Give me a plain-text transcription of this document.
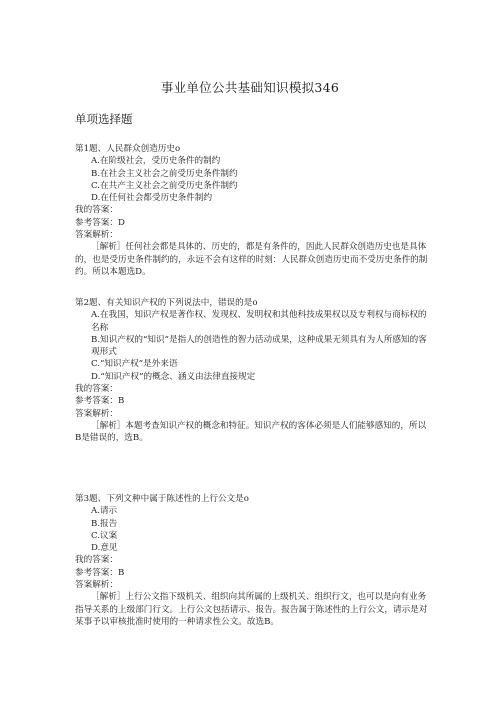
事业单位公共基础知识模拟346
单项选择题
第1题、人民群众创造历史o
A.在阶级社会，受历史条件的制约
B.在社会主义社会之前受历史条件制约
C.在共产主义社会之前受历史条件制约
D.在任何社会都受历史条件制约
我的答案：
参考答案：D
答案解析：
［解析］任何社会都是具体的、历史的，都是有条件的，因此人民群众创造历史也是具体的，也是受历史条件制约的，永远不会有这样的时刻：人民群众创造历史而不受历史条件的制约。所以本题选D。
第2题、有关知识产权的下列说法中，错误的是o
A.在我国，知识产权是著作权、发现权、发明权和其他科技成果权以及专利权与商标权的名称
B.知识产权的“知识”是指人的创造性的智力活动成果，这种成果无须具有为人所感知的客观形式
C.“知识产权”是外来语
D.“知识产权”的概念、涵义由法律直接规定
我的答案：
参考答案：B
答案解析：
［解析］本题考查知识产权的概念和特征。知识产权的客体必须是人们能够感知的，所以B是错误的，选B。
第3题、下列文种中属于陈述性的上行公文是o
A.请示
B.报告
C.议案
D.意见
我的答案：
参考答案：B
答案解析：
［解析］上行公文指下级机关、组织向其所属的上级机关、组织行文，也可以是向有业务指导关系的上级部门行文。上行公文包括请示、报告。报告属于陈述性的上行公文，请示是对某事予以审核批准时使用的一种请求性公文。故选B。
